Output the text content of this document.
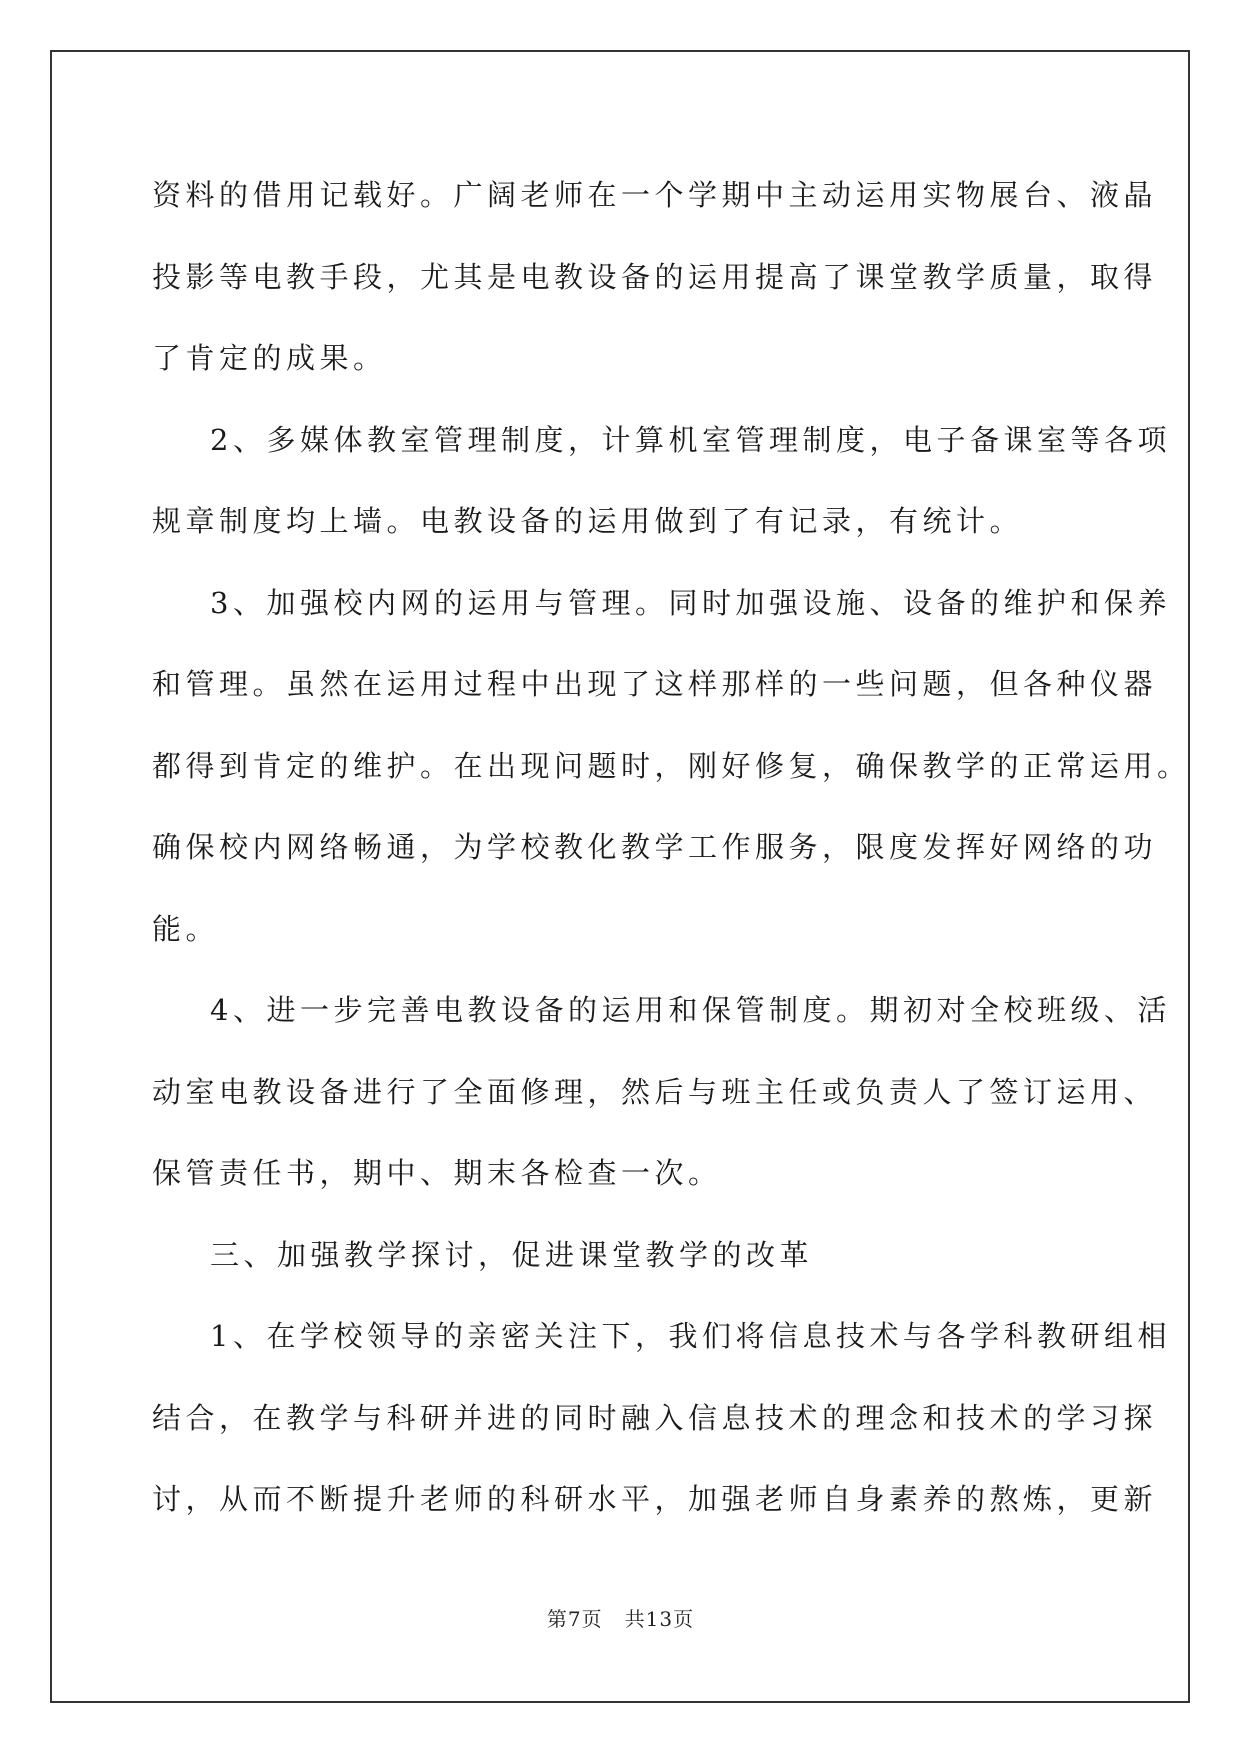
资料的借用记载好。广阔老师在一个学期中主动运用实物展台、液晶
投影等电教手段，尤其是电教设备的运用提高了课堂教学质量，取得
了肯定的成果。

2、多媒体教室管理制度，计算机室管理制度，电子备课室等各项
规章制度均上墙。电教设备的运用做到了有记录，有统计。

3、加强校内网的运用与管理。同时加强设施、设备的维护和保养
和管理。虽然在运用过程中出现了这样那样的一些问题，但各种仪器
都得到肯定的维护。在出现问题时，刚好修复，确保教学的正常运用。
确保校内网络畅通，为学校教化教学工作服务，限度发挥好网络的功
能。

4、进一步完善电教设备的运用和保管制度。期初对全校班级、活
动室电教设备进行了全面修理，然后与班主任或负责人了签订运用、
保管责任书，期中、期末各检查一次。

三、加强教学探讨，促进课堂教学的改革

1、在学校领导的亲密关注下，我们将信息技术与各学科教研组相
结合，在教学与科研并进的同时融入信息技术的理念和技术的学习探
讨，从而不断提升老师的科研水平，加强老师自身素养的熬炼，更新

第7页 共13页
